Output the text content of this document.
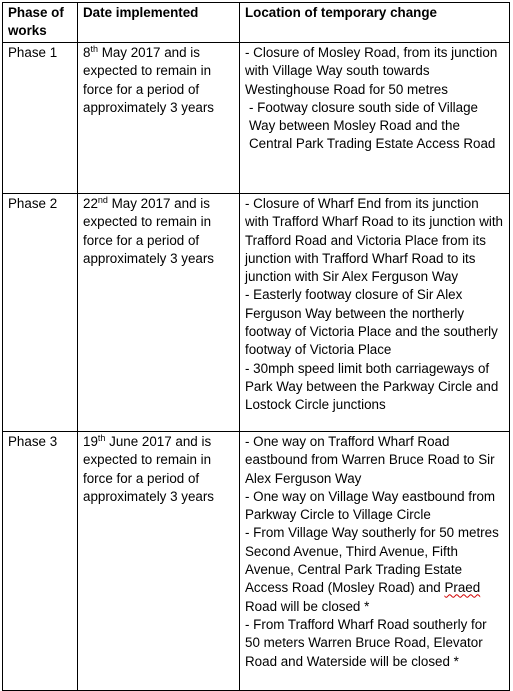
Phase of works	Date implemented	Location of temporary change
Phase 1	8th May 2017 and is expected to remain in force for a period of approximately 3 years	- Closure of Mosley Road, from its junction with Village Way south towards Westinghouse Road for 50 metres
- Footway closure south side of Village Way between Mosley Road and the Central Park Trading Estate Access Road

Phase 2	22nd May 2017 and is expected to remain in force for a period of approximately 3 years	- Closure of Wharf End from its junction with Trafford Wharf Road to its junction with Trafford Road and Victoria Place from its junction with Trafford Wharf Road to its junction with Sir Alex Ferguson Way
- Easterly footway closure of Sir Alex Ferguson Way between the northerly footway of Victoria Place and the southerly footway of Victoria Place
- 30mph speed limit both carriageways of Park Way between the Parkway Circle and Lostock Circle junctions

Phase 3	19th June 2017 and is expected to remain in force for a period of approximately 3 years	- One way on Trafford Wharf Road eastbound from Warren Bruce Road to Sir Alex Ferguson Way
- One way on Village Way eastbound from Parkway Circle to Village Circle
- From Village Way southerly for 50 metres Second Avenue, Third Avenue, Fifth Avenue, Central Park Trading Estate Access Road (Mosley Road) and Praed Road will be closed *
- From Trafford Wharf Road southerly for 50 meters Warren Bruce Road, Elevator Road and Waterside will be closed *
